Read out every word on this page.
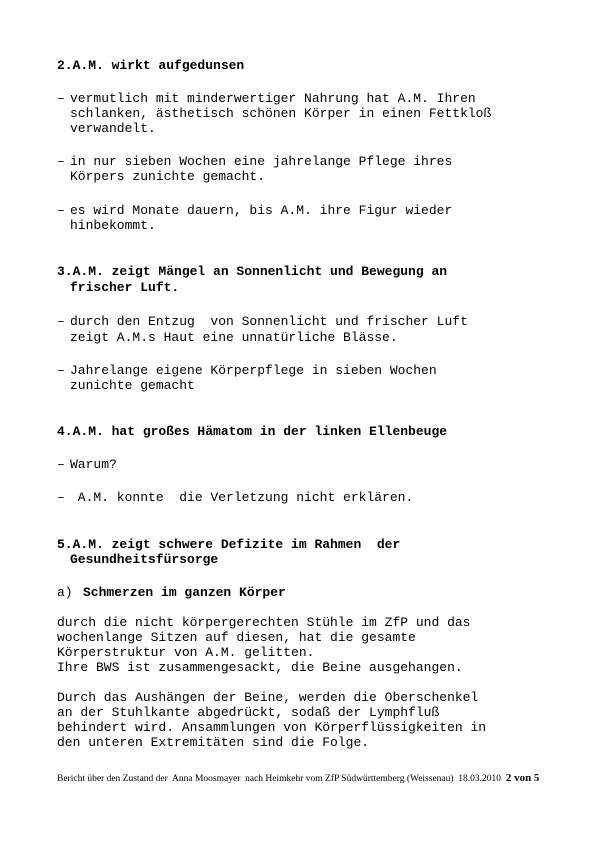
2.A.M. wirkt aufgedunsen
– vermutlich mit minderwertiger Nahrung hat A.M. Ihren
schlanken, ästhetisch schönen Körper in einen Fettkloß
verwandelt.
– in nur sieben Wochen eine jahrelange Pflege ihres
Körpers zunichte gemacht.
– es wird Monate dauern, bis A.M. ihre Figur wieder
hinbekommt.
3.A.M. zeigt Mängel an Sonnenlicht und Bewegung an
frischer Luft.
– durch den Entzug  von Sonnenlicht und frischer Luft
zeigt A.M.s Haut eine unnatürliche Blässe.
– Jahrelange eigene Körperpflege in sieben Wochen
zunichte gemacht
4.A.M. hat großes Hämatom in der linken Ellenbeuge
– Warum?
– A.M. konnte  die Verletzung nicht erklären.
5.A.M. zeigt schwere Defizite im Rahmen  der
Gesundheitsfürsorge
a) Schmerzen im ganzen Körper
durch die nicht körpergerechten Stühle im ZfP und das
wochenlange Sitzen auf diesen, hat die gesamte
Körperstruktur von A.M. gelitten.
Ihre BWS ist zusammengesackt, die Beine ausgehangen.
Durch das Aushängen der Beine, werden die Oberschenkel
an der Stuhlkante abgedrückt, sodaß der Lymphfluß
behindert wird. Ansammlungen von Körperflüssigkeiten in
den unteren Extremitäten sind die Folge.
Bericht über den Zustand der  Anna Moosmayer  nach Heimkehr vom ZfP Südwürttemberg (Weissenau)  18.03.2010 2 von 5
